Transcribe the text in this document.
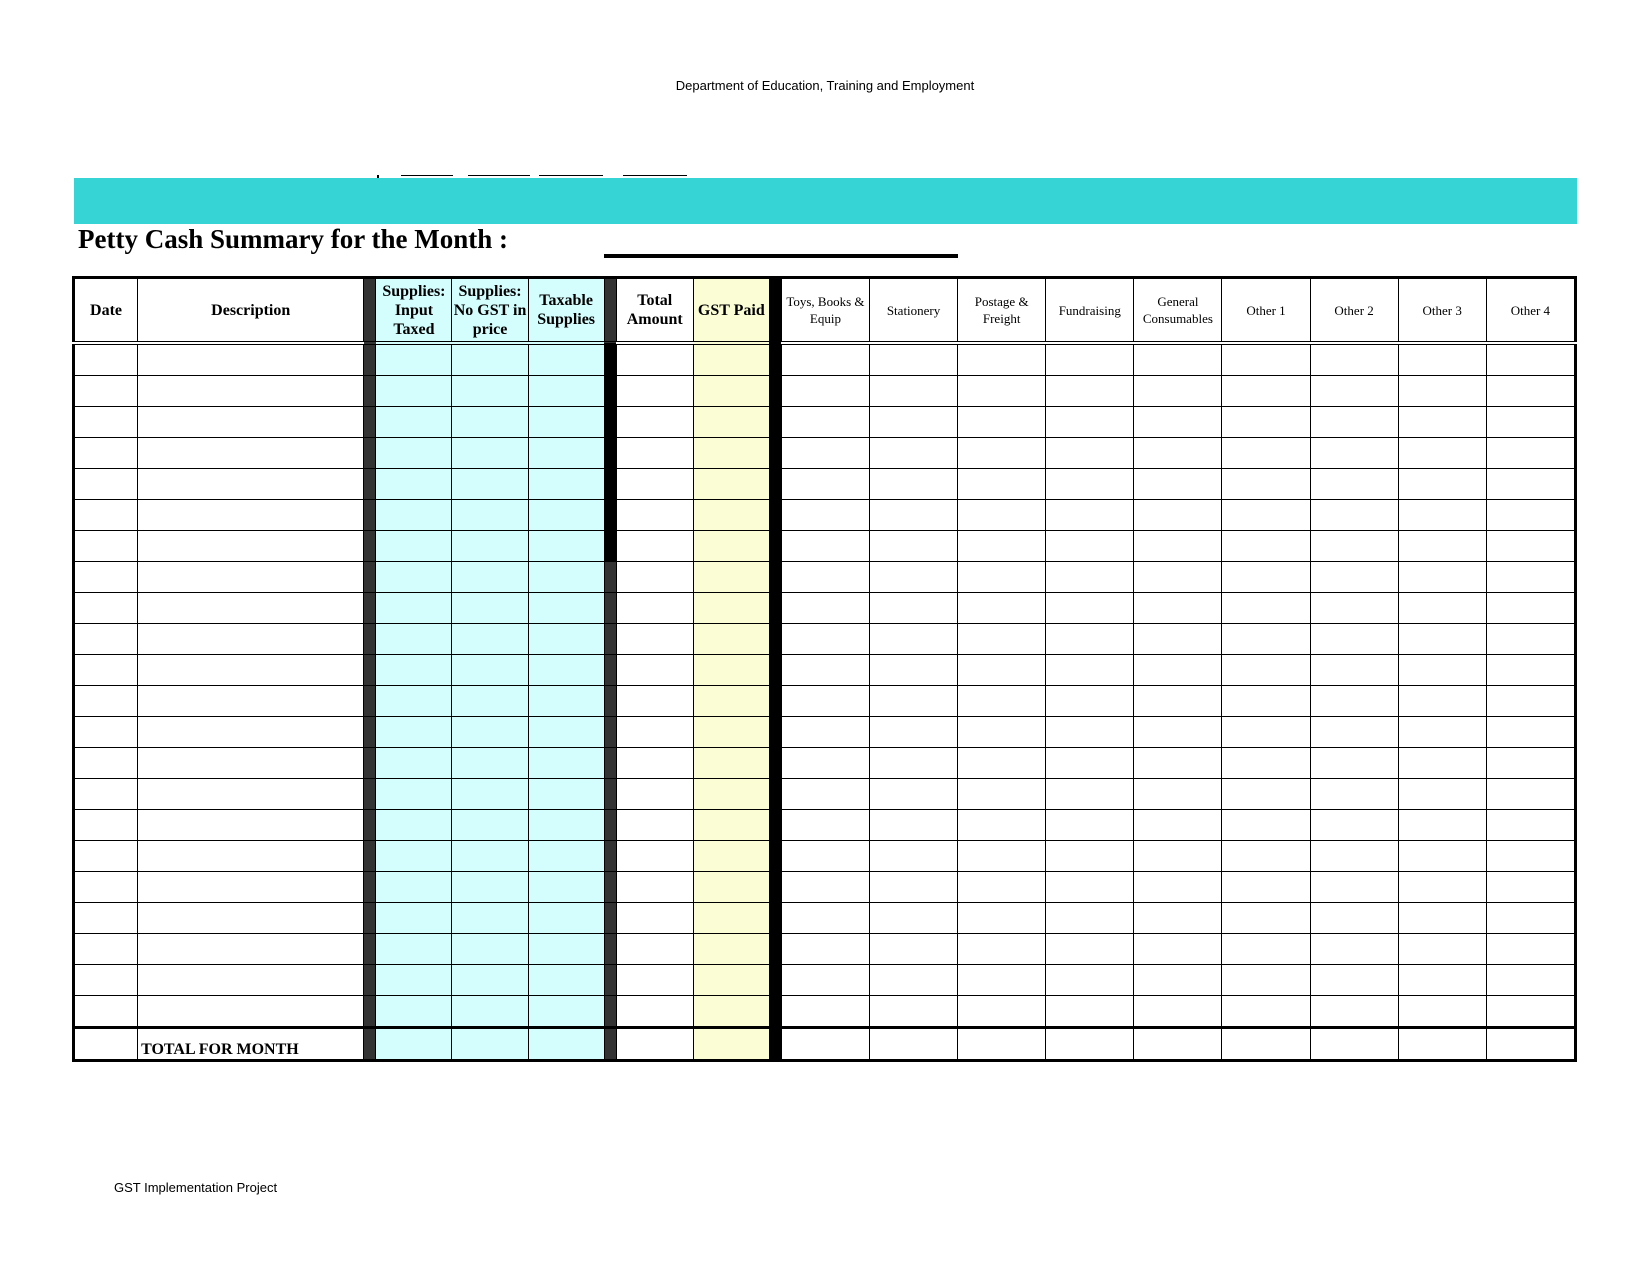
Department of Education, Training and Employment
Petty Cash Summary for the Month :
Date	Description		Supplies: Input Taxed	Supplies: No GST in price	Taxable Supplies		Total Amount	GST Paid		Toys, Books & Equip	Stationery	Postage & Freight	Fundraising	General Consumables	Other 1	Other 2	Other 3	Other 4

	TOTAL FOR MONTH																	
GST Implementation Project
